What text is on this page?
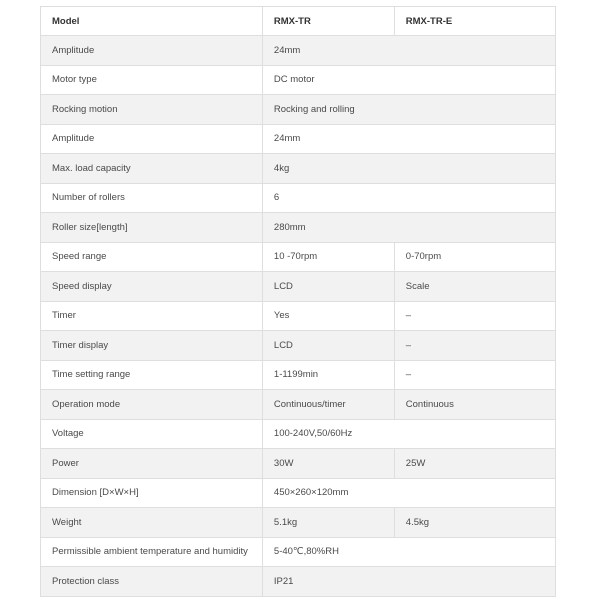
Model	RMX-TR	RMX-TR-E
Amplitude	24mm	
Motor type	DC motor	
Rocking motion	Rocking and rolling	
Amplitude	24mm	
Max. load capacity	4kg	
Number of rollers	6	
Roller size[length]	280mm	
Speed range	10 -70rpm	0-70rpm
Speed display	LCD	Scale
Timer	Yes	–
Timer display	LCD	–
Time setting range	1-1199min	–
Operation mode	Continuous/timer	Continuous
Voltage	100-240V,50/60Hz	
Power	30W	25W
Dimension [D×W×H]	450×260×120mm	
Weight	5.1kg	4.5kg
Permissible ambient temperature and humidity	5-40℃,80%RH	
Protection class	IP21	
